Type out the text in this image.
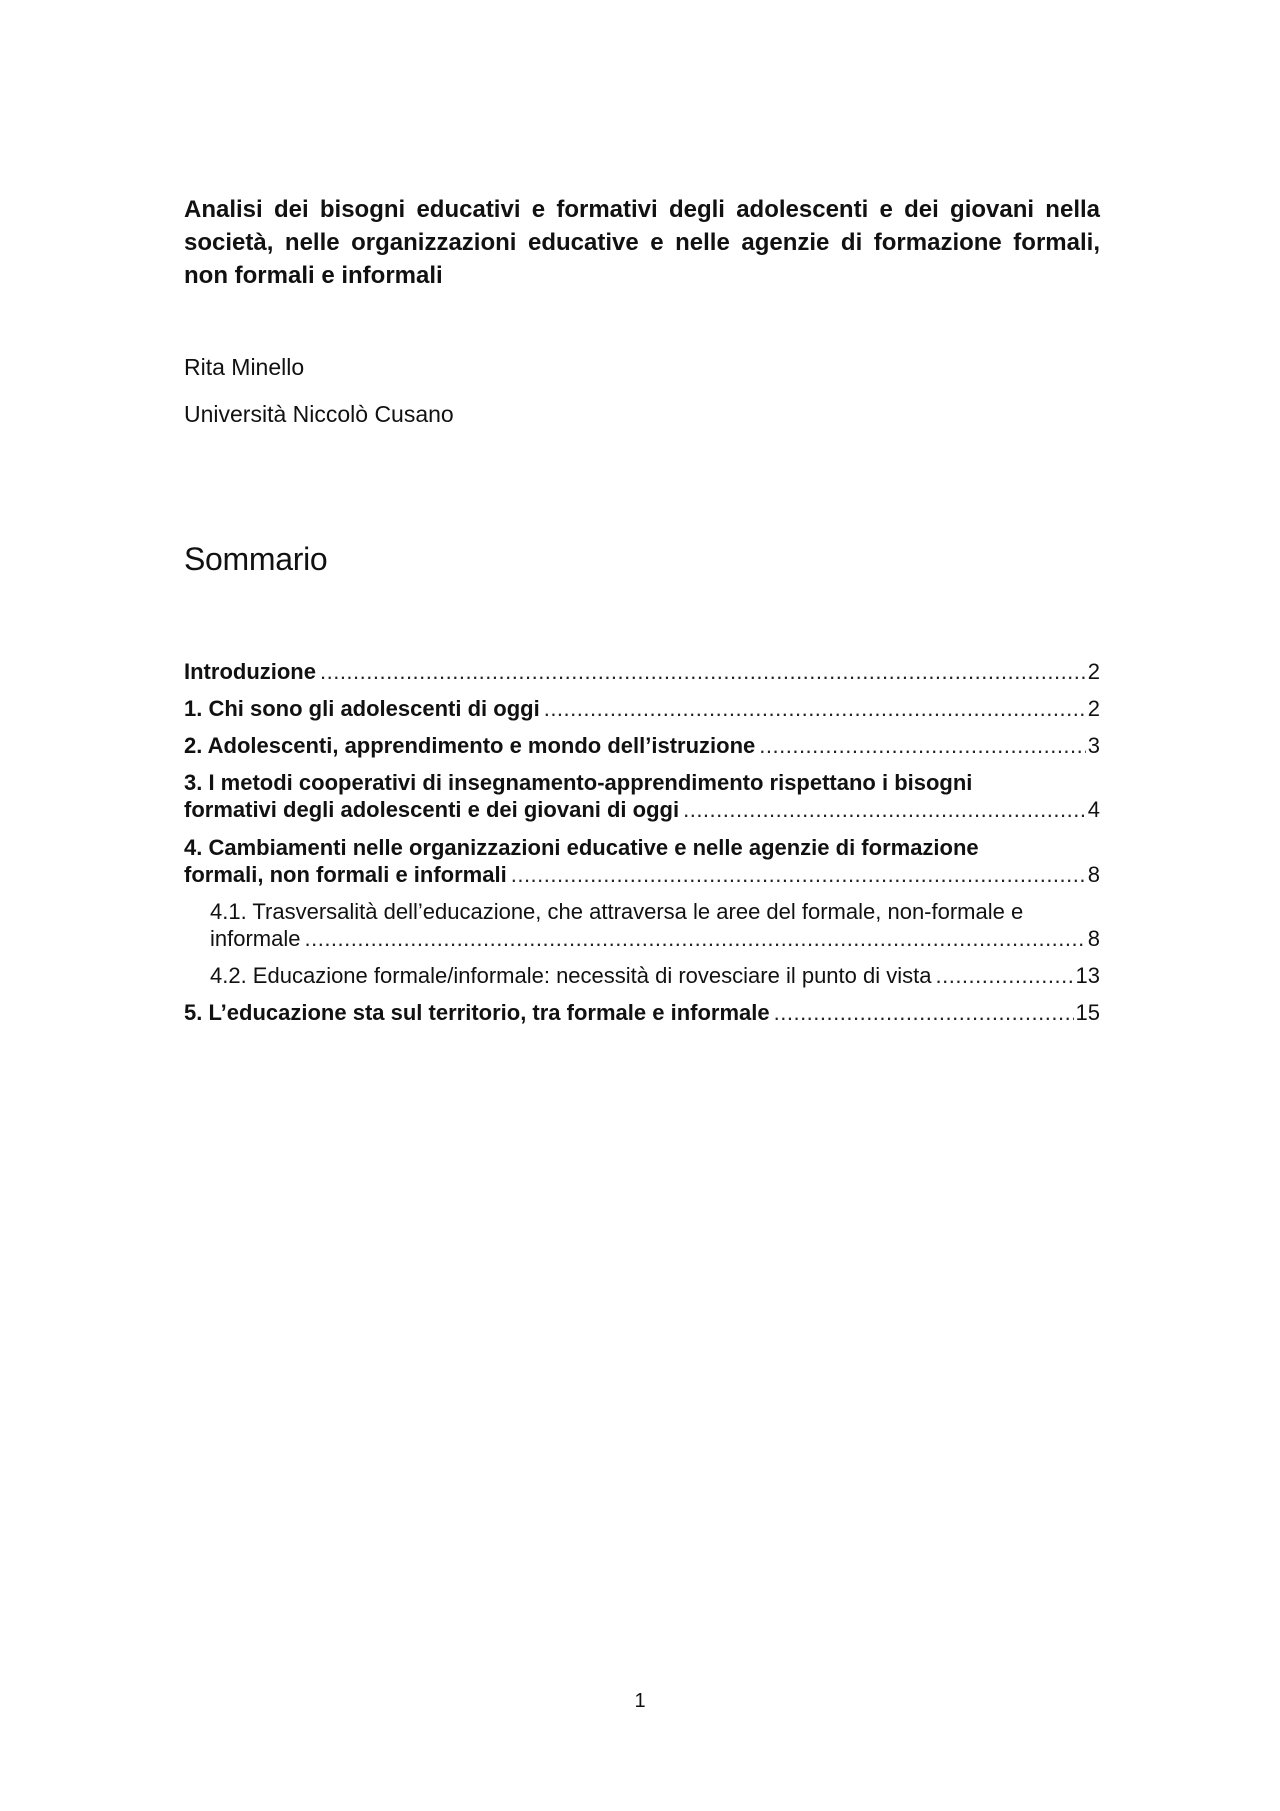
Analisi dei bisogni educativi e formativi degli adolescenti e dei giovani nella società, nelle organizzazioni educative e nelle agenzie di formazione formali, non formali e informali

Rita Minello

Università Niccolò Cusano

Sommario
Introduzione .....	2
1. Chi sono gli adolescenti di oggi .....	2
2. Adolescenti, apprendimento e mondo dell’istruzione .....	3
3. I metodi cooperativi di insegnamento-apprendimento rispettano i bisogni
formativi degli adolescenti e dei giovani di oggi .....	4
4. Cambiamenti nelle organizzazioni educative e nelle agenzie di formazione
formali, non formali e informali .....	8
4.1. Trasversalità dell’educazione, che attraversa le aree del formale, non-formale e
informale .....	8
4.2. Educazione formale/informale: necessità di rovesciare il punto di vista .....	13
5. L’educazione sta sul territorio, tra formale e informale .....	15
1
